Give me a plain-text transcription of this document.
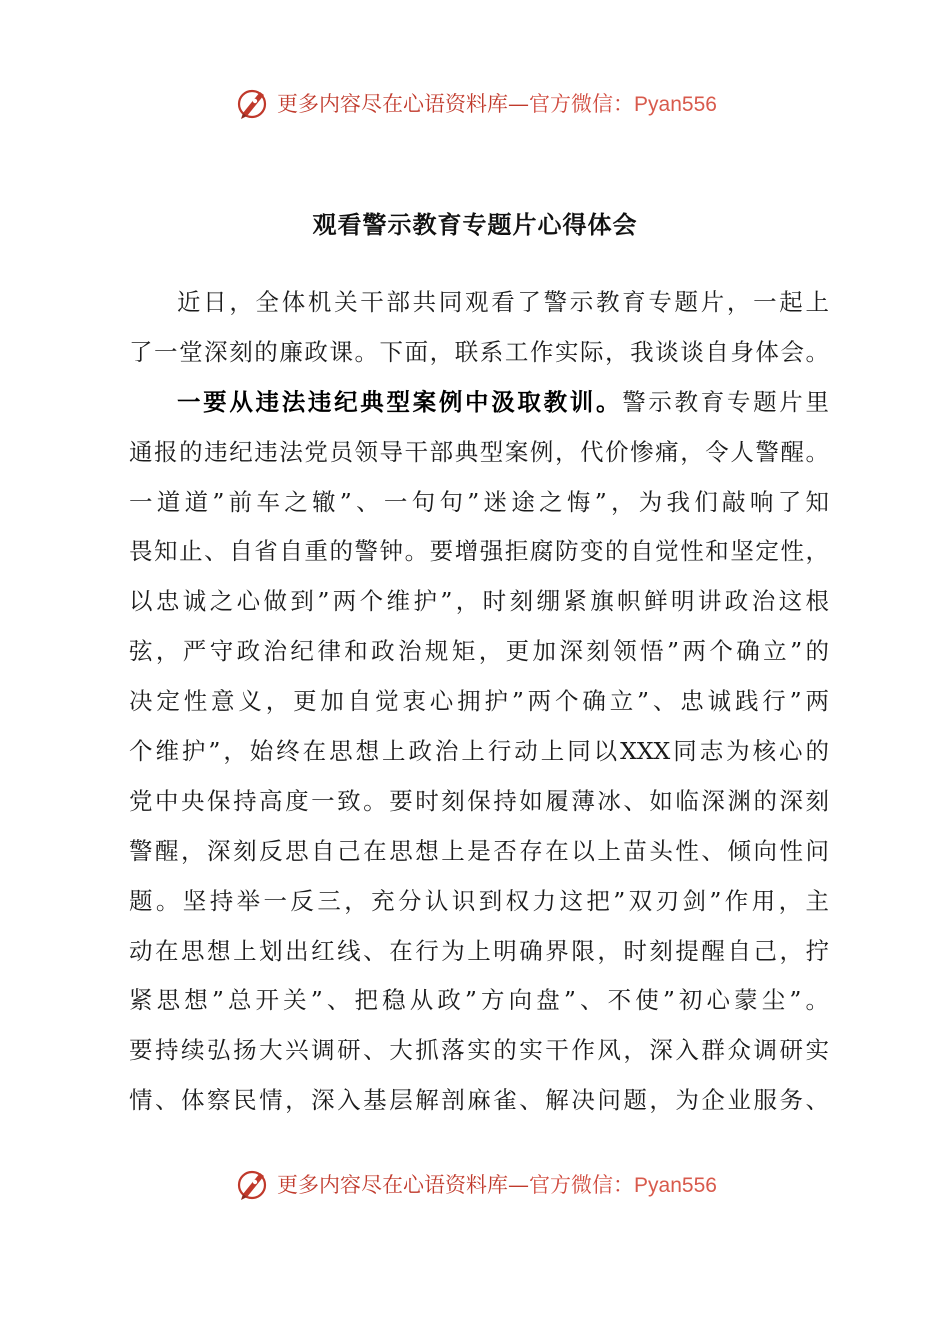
更多内容尽在心语资料库—官方微信：Pyan556
观看警示教育专题片心得体会
近日，全体机关干部共同观看了警示教育专题片，一起上
了一堂深刻的廉政课。下面，联系工作实际，我谈谈自身体会。
一要从违法违纪典型案例中汲取教训。警示教育专题片里
通报的违纪违法党员领导干部典型案例，代价惨痛，令人警醒。
一道道”前车之辙”、一句句”迷途之悔”，为我们敲响了知
畏知止、自省自重的警钟。要增强拒腐防变的自觉性和坚定性，
以忠诚之心做到”两个维护”，时刻绷紧旗帜鲜明讲政治这根
弦，严守政治纪律和政治规矩，更加深刻领悟”两个确立”的
决定性意义，更加自觉衷心拥护”两个确立”、忠诚践行”两
个维护”，始终在思想上政治上行动上同以XXX同志为核心的
党中央保持高度一致。要时刻保持如履薄冰、如临深渊的深刻
警醒，深刻反思自己在思想上是否存在以上苗头性、倾向性问
题。坚持举一反三，充分认识到权力这把”双刃剑”作用，主
动在思想上划出红线、在行为上明确界限，时刻提醒自己，拧
紧思想”总开关”、把稳从政”方向盘”、不使”初心蒙尘”。
要持续弘扬大兴调研、大抓落实的实干作风，深入群众调研实
情、体察民情，深入基层解剖麻雀、解决问题，为企业服务、
更多内容尽在心语资料库—官方微信：Pyan556
